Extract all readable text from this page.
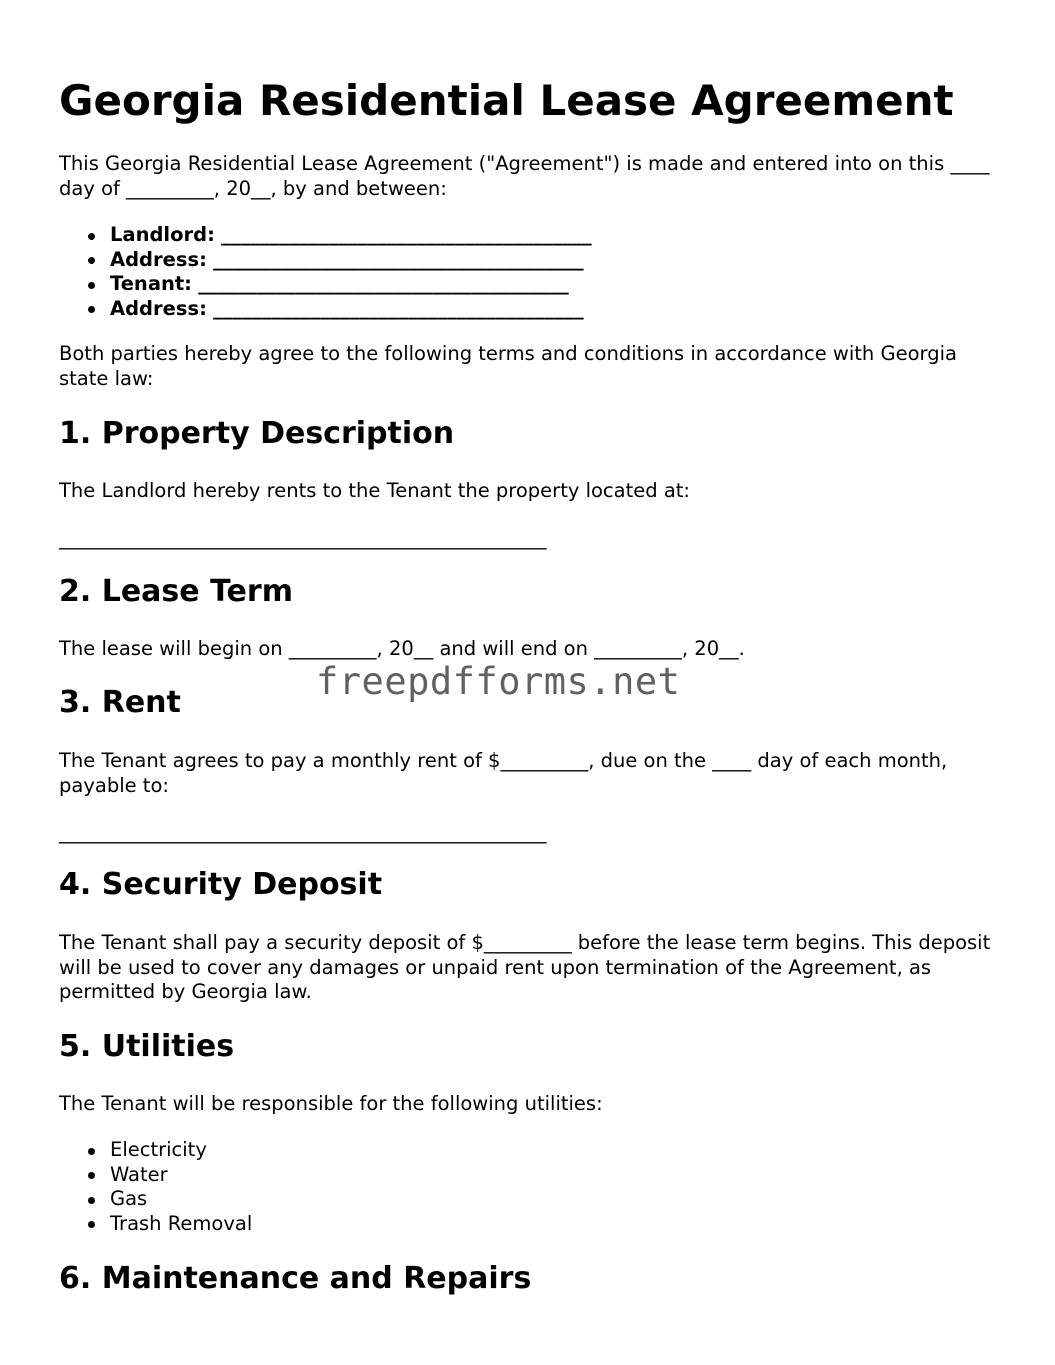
Georgia Residential Lease Agreement

This Georgia Residential Lease Agreement ("Agreement") is made and entered into on this ____ day of _________, 20__, by and between:

Landlord: ______________________________________
Address: ______________________________________
Tenant: ______________________________________
Address: ______________________________________

Both parties hereby agree to the following terms and conditions in accordance with Georgia state law:

1. Property Description

The Landlord hereby rents to the Tenant the property located at:

__________________________________________________

2. Lease Term

The lease will begin on _________, 20__ and will end on _________, 20__.

3. Rent

The Tenant agrees to pay a monthly rent of $_________, due on the ____ day of each month, payable to:

__________________________________________________

4. Security Deposit

The Tenant shall pay a security deposit of $_________ before the lease term begins. This deposit will be used to cover any damages or unpaid rent upon termination of the Agreement, as permitted by Georgia law.

5. Utilities

The Tenant will be responsible for the following utilities:

Electricity
Water
Gas
Trash Removal
6. Maintenance and Repairs
freepdfforms.net
